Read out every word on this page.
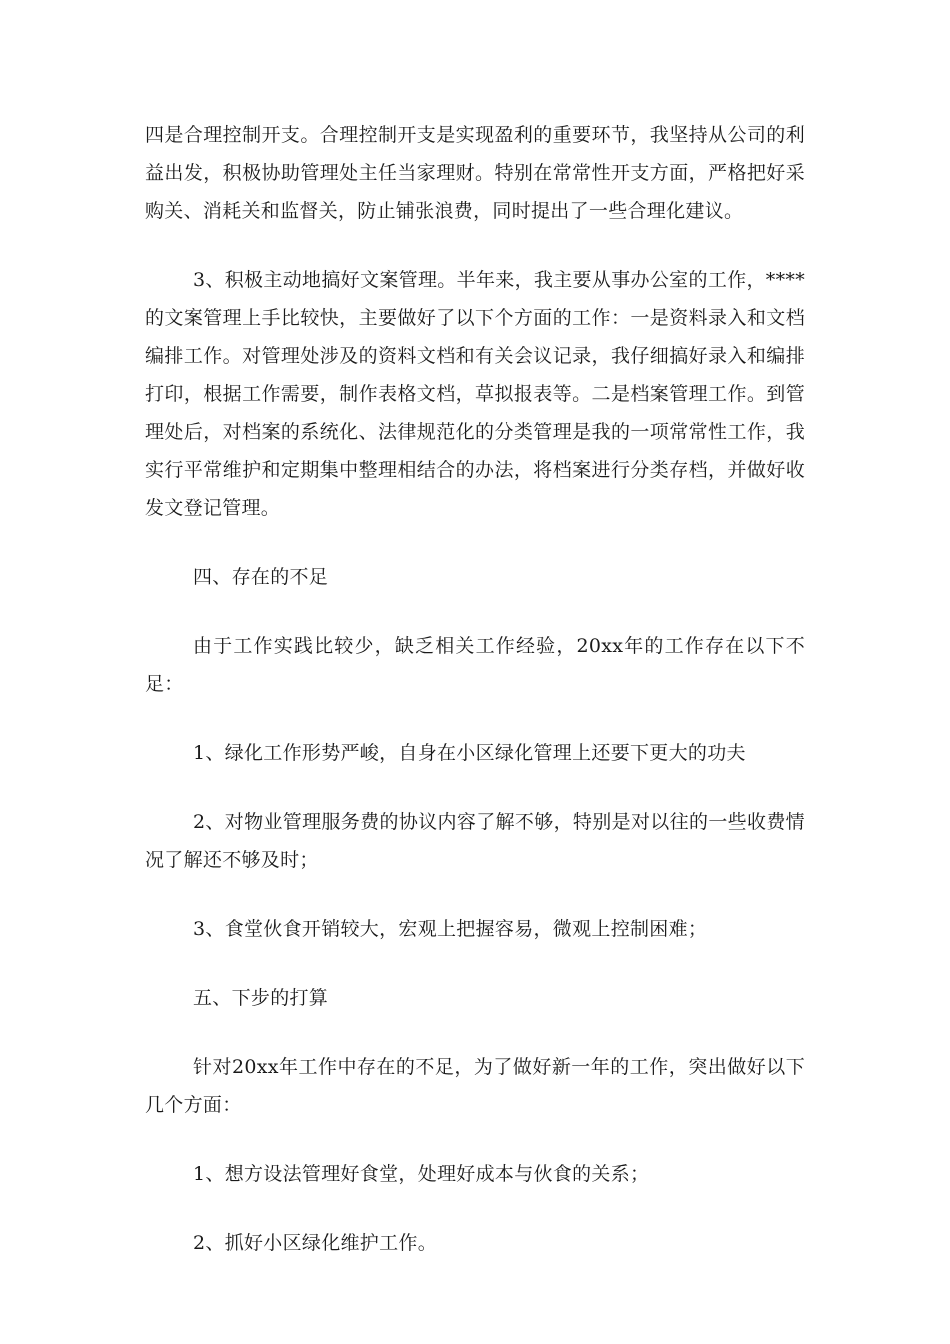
四是合理控制开支。合理控制开支是实现盈利的重要环节，我坚持从公司的利益出发，积极协助管理处主任当家理财。特别在常常性开支方面，严格把好采购关、消耗关和监督关，防止铺张浪费，同时提出了一些合理化建议。

3、积极主动地搞好文案管理。半年来，我主要从事办公室的工作，****的文案管理上手比较快，主要做好了以下个方面的工作：一是资料录入和文档编排工作。对管理处涉及的资料文档和有关会议记录，我仔细搞好录入和编排打印，根据工作需要，制作表格文档，草拟报表等。二是档案管理工作。到管理处后，对档案的系统化、法律规范化的分类管理是我的一项常常性工作，我实行平常维护和定期集中整理相结合的办法，将档案进行分类存档，并做好收发文登记管理。

四、存在的不足

由于工作实践比较少，缺乏相关工作经验，20xx年的工作存在以下不足：

1、绿化工作形势严峻，自身在小区绿化管理上还要下更大的功夫

2、对物业管理服务费的协议内容了解不够，特别是对以往的一些收费情况了解还不够及时；

3、食堂伙食开销较大，宏观上把握容易，微观上控制困难；

五、下步的打算

针对20xx年工作中存在的不足，为了做好新一年的工作，突出做好以下几个方面：

1、想方设法管理好食堂，处理好成本与伙食的关系；

2、抓好小区绿化维护工作。
